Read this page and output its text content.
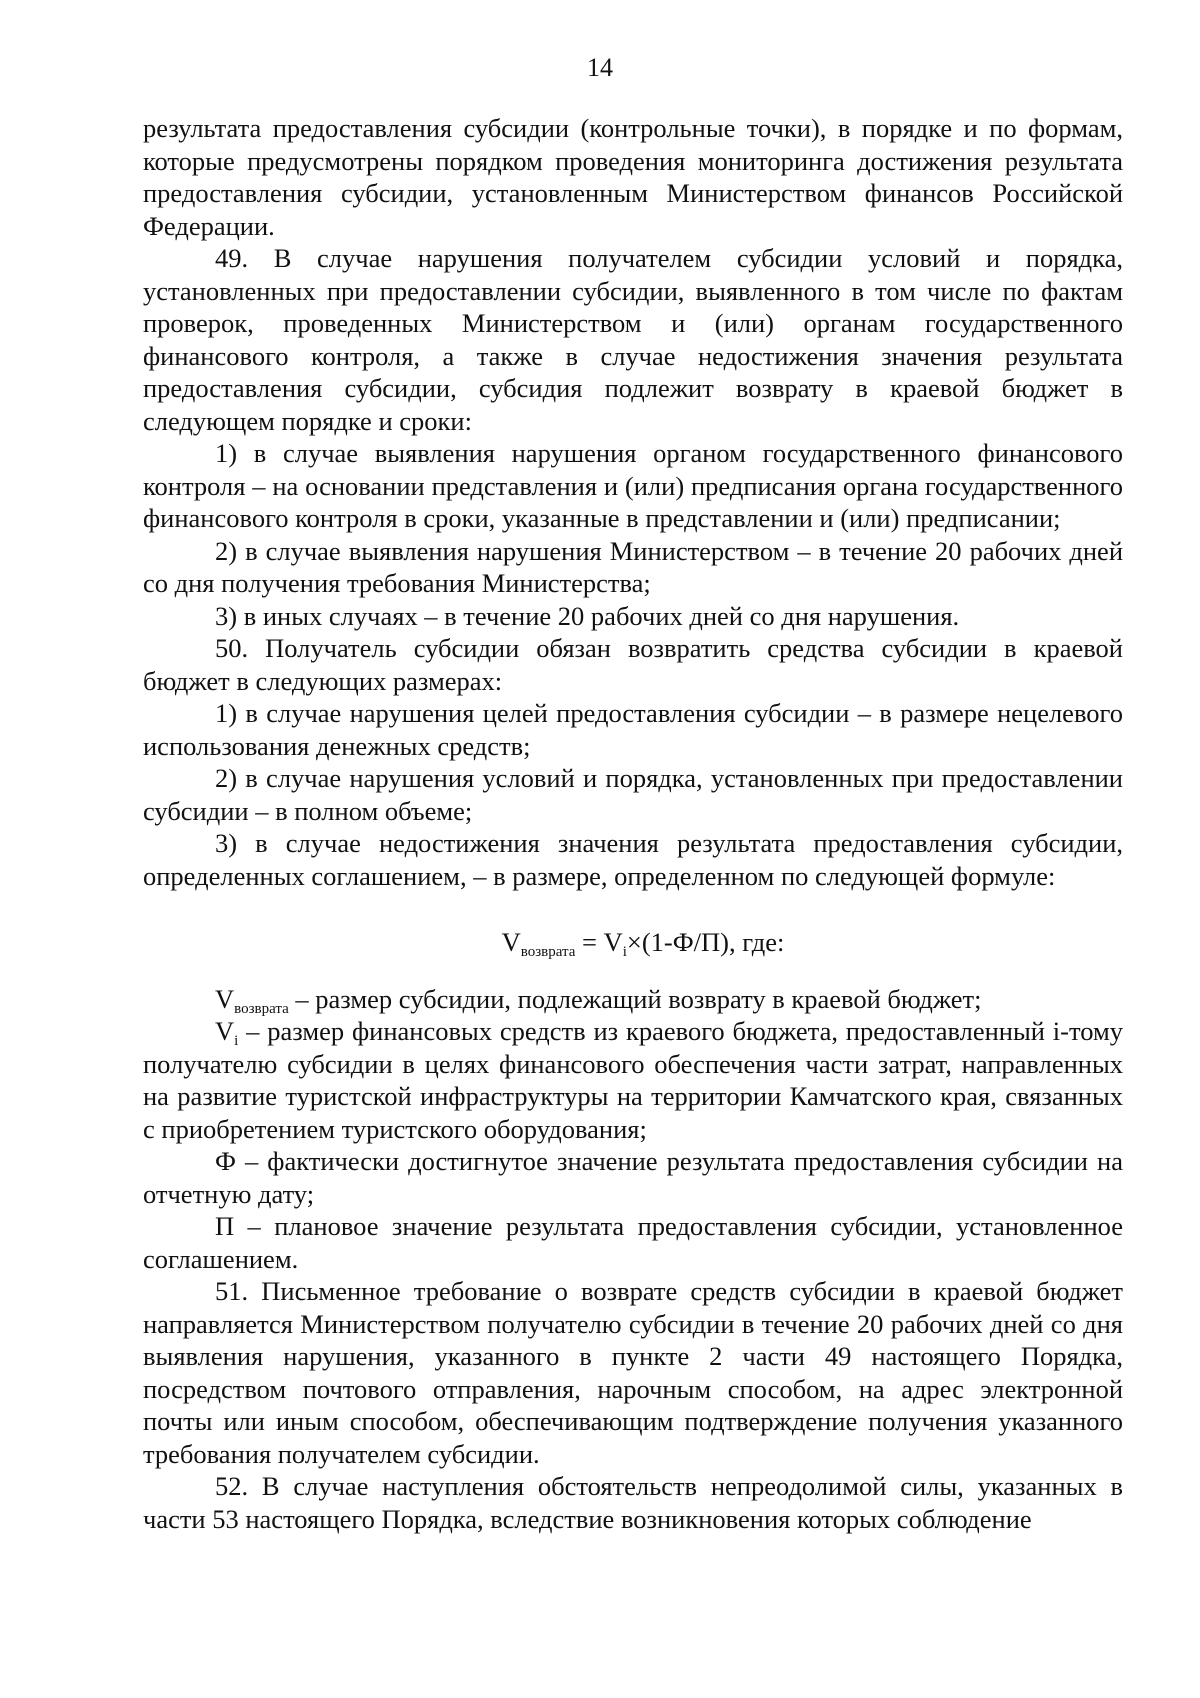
14

результата предоставления субсидии (контрольные точки), в порядке и по формам, которые предусмотрены порядком проведения мониторинга достижения результата предоставления субсидии, установленным Министерством финансов Российской Федерации.

49. В случае нарушения получателем субсидии условий и порядка, установленных при предоставлении субсидии, выявленного в том числе по фактам проверок, проведенных Министерством и (или) органам государственного финансового контроля, а также в случае недостижения значения результата предоставления субсидии, субсидия подлежит возврату в краевой бюджет в следующем порядке и сроки:

1) в случае выявления нарушения органом государственного финансового контроля – на основании представления и (или) предписания органа государственного финансового контроля в сроки, указанные в представлении и (или) предписании;

2) в случае выявления нарушения Министерством – в течение 20 рабочих дней со дня получения требования Министерства;

3) в иных случаях – в течение 20 рабочих дней со дня нарушения.

50. Получатель субсидии обязан возвратить средства субсидии в краевой бюджет в следующих размерах:

1) в случае нарушения целей предоставления субсидии – в размере нецелевого использования денежных средств;

2) в случае нарушения условий и порядка, установленных при предоставлении субсидии – в полном объеме;

3) в случае недостижения значения результата предоставления субсидии, определенных соглашением, – в размере, определенном по следующей формуле:

$V_{возврата} = V_i\times(1-Ф/П)$, где:

$V_{возврата}$ – размер субсидии, подлежащий возврату в краевой бюджет;

$V_i$ – размер финансовых средств из краевого бюджета, предоставленный i-тому получателю субсидии в целях финансового обеспечения части затрат, направленных на развитие туристской инфраструктуры на территории Камчатского края, связанных с приобретением туристского оборудования;

Ф – фактически достигнутое значение результата предоставления субсидии на отчетную дату;

П – плановое значение результата предоставления субсидии, установленное соглашением.

51. Письменное требование о возврате средств субсидии в краевой бюджет направляется Министерством получателю субсидии в течение 20 рабочих дней со дня выявления нарушения, указанного в пункте 2 части 49 настоящего Порядка, посредством почтового отправления, нарочным способом, на адрес электронной почты или иным способом, обеспечивающим подтверждение получения указанного требования получателем субсидии.

52. В случае наступления обстоятельств непреодолимой силы, указанных в части 53 настоящего Порядка, вследствие возникновения которых соблюдение
